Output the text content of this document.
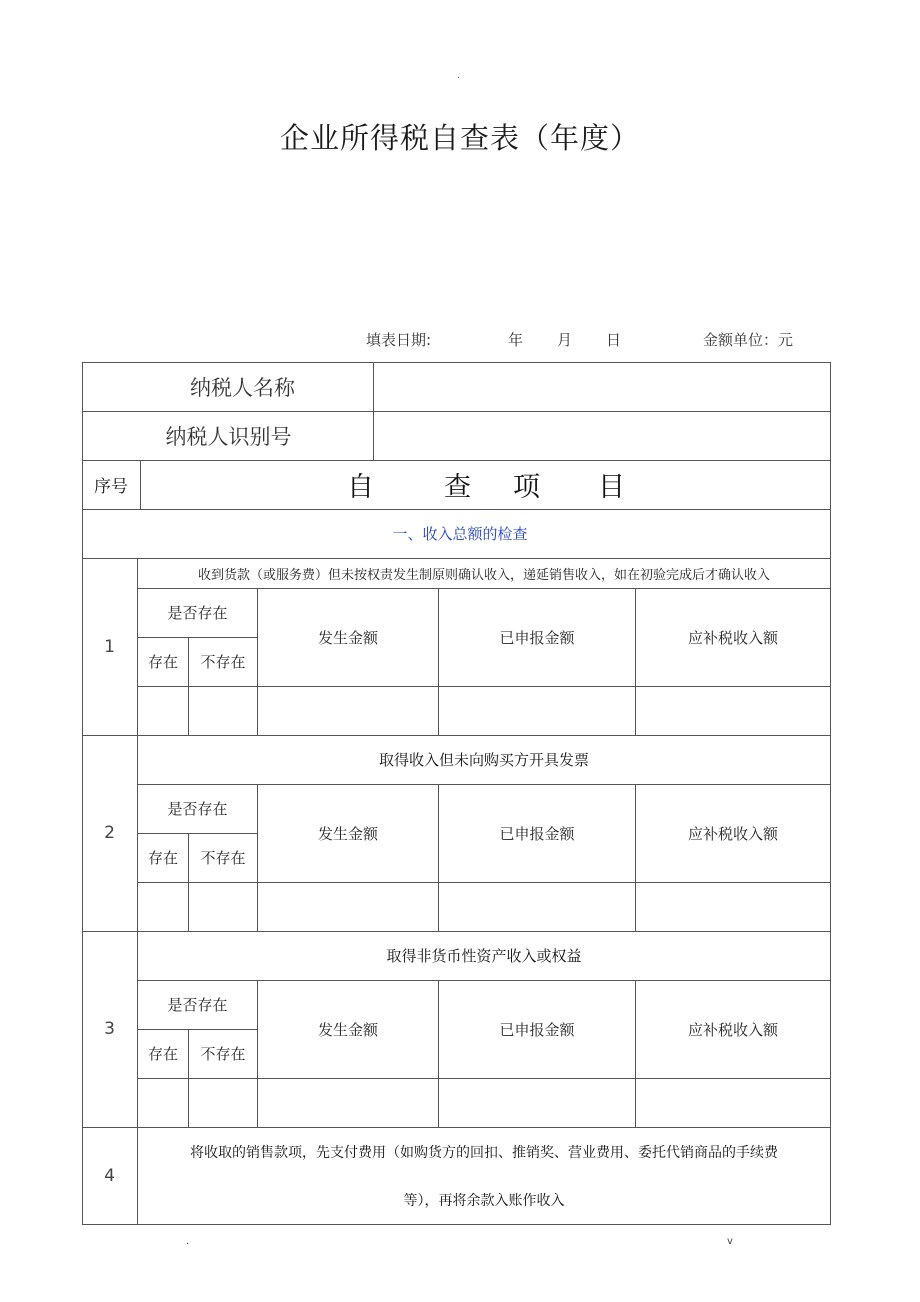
.
企业所得税自查表（年度）
填表日期:	年 月 日	金额单位：元
纳税人名称
纳税人识别号
序号	自	查 项 目
一、收入总额的检查
1
收到货款（或服务费）但未按权责发生制原则确认收入，递延销售收入，如在初验完成后才确认收入
是否存在
存在	不存在
发生金额	已申报金额	应补税收入额
2
取得收入但未向购买方开具发票
是否存在
存在	不存在
发生金额	已申报金额	应补税收入额
3
取得非货币性资产收入或权益
是否存在
存在	不存在
发生金额	已申报金额	应补税收入额
4
将收取的销售款项，先支付费用（如购货方的回扣、推销奖、营业费用、委托代销商品的手续费
等），再将余款入账作收入
.	v
